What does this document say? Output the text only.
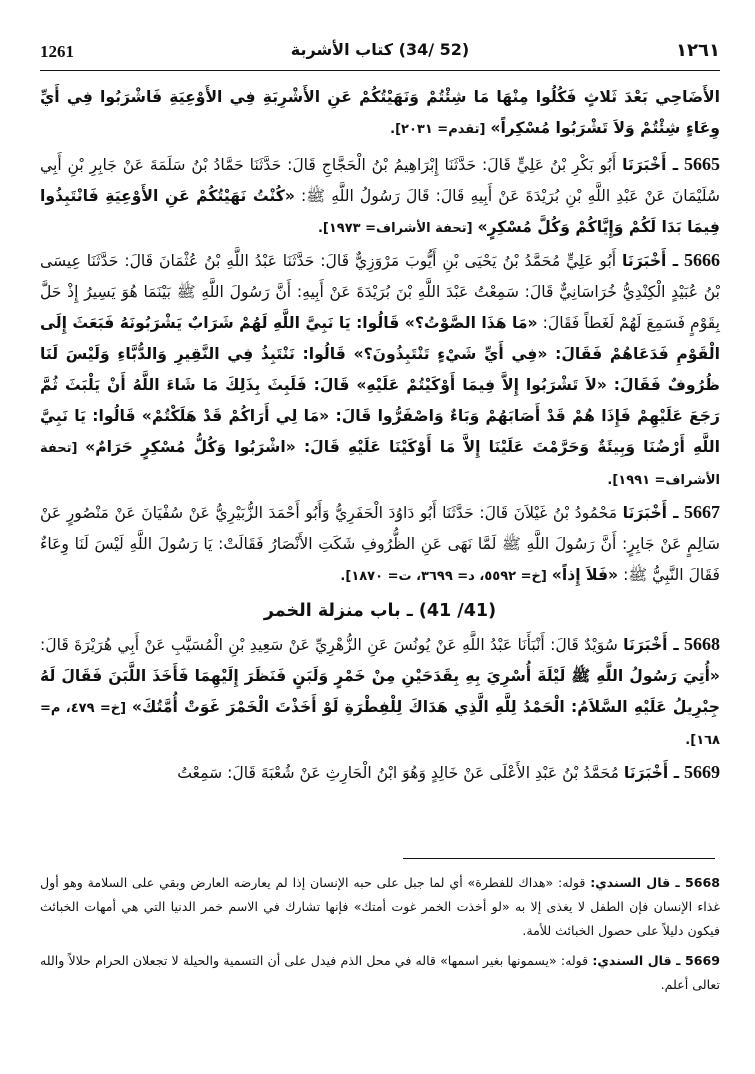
1261	(52 /34) كتاب الأشربة	١٢٦١

الأَضَاحِي بَعْدَ ثَلاثٍ فَكُلُوا مِنْهَا مَا شِئْتُمْ وَنَهَيْتُكُمْ عَنِ الأَشْرِبَةِ فِي الأَوْعِيَةِ فَاشْرَبُوا فِي أَيِّ وِعَاءٍ شِئْتُمْ وَلاَ تَشْرَبُوا مُسْكِراً» [تقدم= ٢٠٣١].

5665 ـ أَخْبَرَنَا أَبُو بَكْرِ بْنُ عَلِيٍّ قَالَ: حَدَّثَنَا إِبْرَاهِيمُ بْنُ الْحَجَّاجِ قَالَ: حَدَّثَنَا حَمَّادُ بْنُ سَلَمَةَ عَنْ جَابِرِ بْنِ أَبِي سُلَيْمَانَ عَنْ عَبْدِ اللَّهِ بْنِ بُرَيْدَةَ عَنْ أَبِيهِ قَالَ: قَالَ رَسُولُ اللَّهِ ﷺ: «كُنْتُ نَهَيْتُكُمْ عَنِ الأَوْعِيَةِ فَانْتَبِذُوا فِيمَا بَدَا لَكُمْ وَإِيَّاكُمْ وَكُلَّ مُسْكِرٍ» [تحفة الأشراف= ١٩٧٣].

5666 ـ أَخْبَرَنَا أَبُو عَلِيٍّ مُحَمَّدُ بْنُ يَحْيَى بْنِ أَيُّوبَ مَرْوَزِيٌّ قَالَ: حَدَّثَنَا عَبْدُ اللَّهِ بْنُ عُثْمَانَ قَالَ: حَدَّثَنَا عِيسَى بْنُ عُبَيْدٍ الْكِنْدِيُّ خُرَاسَانِيٌّ قَالَ: سَمِعْتُ عَبْدَ اللَّهِ بْنَ بُرَيْدَةَ عَنْ أَبِيهِ: أَنَّ رَسُولَ اللَّهِ ﷺ بَيْنَمَا هُوَ يَسِيرُ إِذْ حَلَّ بِقَوْمٍ فَسَمِعَ لَهُمْ لَغَطاً فَقَالَ: «مَا هَذَا الصَّوْتُ؟» قَالُوا: يَا نَبِيَّ اللَّهِ لَهُمْ شَرَابٌ يَشْرَبُونَهُ فَبَعَثَ إِلَى الْقَوْمِ فَدَعَاهُمْ فَقَالَ: «فِي أَيِّ شَيْءٍ تَنْتَبِذُونَ؟» قَالُوا: نَنْتَبِذُ فِي النَّقِيرِ وَالدُّبَّاءِ وَلَيْسَ لَنَا ظُرُوفٌ فَقَالَ: «لاَ تَشْرَبُوا إِلاَّ فِيمَا أَوْكَيْتُمْ عَلَيْهِ» قَالَ: فَلَبِثَ بِذَلِكَ مَا شَاءَ اللَّهُ أَنْ يَلْبَثَ ثُمَّ رَجَعَ عَلَيْهِمْ فَإِذَا هُمْ قَدْ أَصَابَهُمْ وَبَاءٌ وَاصْفَرُّوا قَالَ: «مَا لِي أَرَاكُمْ قَدْ هَلَكْتُمْ» قَالُوا: يَا نَبِيَّ اللَّهِ أَرْضُنَا وَبِيئَةٌ وَحَرَّمْتَ عَلَيْنَا إِلاَّ مَا أَوْكَيْنَا عَلَيْهِ قَالَ: «اشْرَبُوا وَكُلُّ مُسْكِرٍ حَرَامٌ» [تحفة الأشراف= ١٩٩١].

5667 ـ أَخْبَرَنَا مَحْمُودُ بْنُ غَيْلاَنَ قَالَ: حَدَّثَنَا أَبُو دَاوُدَ الْحَفَرِيُّ وَأَبُو أَحْمَدَ الزُّبَيْرِيُّ عَنْ سُفْيَانَ عَنْ مَنْصُورٍ عَنْ سَالِمٍ عَنْ جَابِرٍ: أَنَّ رَسُولَ اللَّهِ ﷺ لَمَّا نَهَى عَنِ الظُّرُوفِ شَكَتِ الأَنْصَارُ فَقَالَتْ: يَا رَسُولَ اللَّهِ لَيْسَ لَنَا وِعَاءٌ فَقَالَ النَّبِيُّ ﷺ: «فَلاَ إِذاً» [خ= ٥٥٩٢، د= ٣٦٩٩، ت= ١٨٧٠].

(41/ 41) ـ باب منزلة الخمر

5668 ـ أَخْبَرَنَا سُوَيْدٌ قَالَ: أَنْبَأَنَا عَبْدُ اللَّهِ عَنْ يُونُسَ عَنِ الزُّهْرِيِّ عَنْ سَعِيدِ بْنِ الْمُسَيَّبِ عَنْ أَبِي هُرَيْرَةَ قَالَ: «أُتِيَ رَسُولُ اللَّهِ ﷺ لَيْلَةَ أُسْرِيَ بِهِ بِقَدَحَيْنِ مِنْ خَمْرٍ وَلَبَنٍ فَنَظَرَ إِلَيْهِمَا فَأَخَذَ اللَّبَنَ فَقَالَ لَهُ جِبْرِيلُ عَلَيْهِ السَّلاَمُ: الْحَمْدُ لِلَّهِ الَّذِي هَدَاكَ لِلْفِطْرَةِ لَوْ أَخَذْتَ الْخَمْرَ غَوَتْ أُمَّتُكَ» [خ= ٤٧٩، م= ١٦٨].

5669 ـ أَخْبَرَنَا مُحَمَّدُ بْنُ عَبْدِ الأَعْلَى عَنْ خَالِدٍ وَهُوَ ابْنُ الْحَارِثِ عَنْ شُعْبَةَ قَالَ: سَمِعْتُ

5668 ـ قال السندي: قوله: «هداك للفطرة» أي لما جبل على حبه الإنسان إذا لم يعارضه العارض وبقي على السلامة وهو أول غذاء الإنسان فإن الطفل لا يغذى إلا به «لو أخذت الخمر غوت أمتك» فإنها تشارك في الاسم خمر الدنيا التي هي أمهات الخبائث فيكون دليلاً على حصول الخبائث للأمة.

5669 ـ قال السندي: قوله: «يسمونها بغير اسمها» قاله في محل الذم فيدل على أن التسمية والحيلة لا تجعلان الحرام حلالاً والله تعالى أعلم.
